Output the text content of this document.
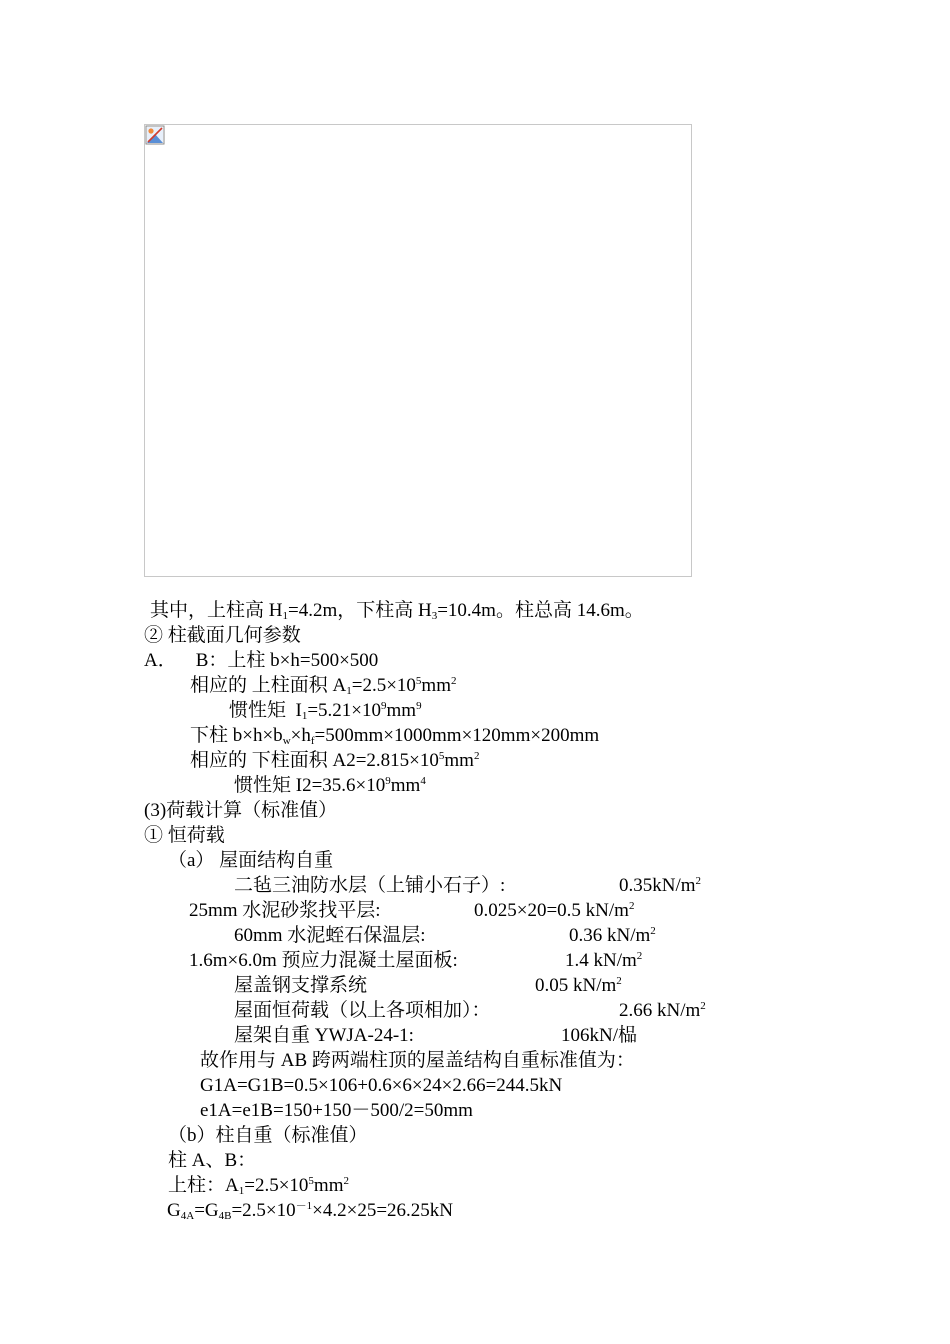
其中，上柱高 $H_1=4.2m$，下柱高 $H_3=10.4m$。柱总高 14.6m。
② 柱截面几何参数
A．    B：上柱 b×h=500×500
相应的 上柱面积 $A_1=2.5\times 10^5mm^2$
惯性矩  $I_1=5.21\times 10^9mm^9$
下柱 $b\times h\times b_w\times h_f=500mm\times 1000mm\times 120mm\times 200mm$
相应的 下柱面积 $A2=2.815\times 10^5mm^2$
惯性矩 $I2=35.6\times 10^9mm^4$
(3)荷载计算（标准值）
① 恒荷载
（a） 屋面结构自重
二毡三油防水层（上铺小石子）:	$0.35kN/m^2$
25mm 水泥砂浆找平层:	0.025×20=0.5 $kN/m^2$
60mm 水泥蛭石保温层:	0.36 $kN/m^2$
1.6m×6.0m 预应力混凝土屋面板:	1.4 $kN/m^2$
屋盖钢支撑系统	0.05 $kN/m^2$
屋面恒荷载（以上各项相加）：	2.66 $kN/m^2$
屋架自重 YWJA-24-1:	106kN/榀
故作用与 AB 跨两端柱顶的屋盖结构自重标准值为：
G1A=G1B=0.5×106+0.6×6×24×2.66=244.5kN
e1A=e1B=150+150－500/2=50mm
（b）柱自重（标准值）
柱 A、B：
上柱：$A_1=2.5\times 10^5mm^2$
$G_{4A}=G_{4B}=2.5\times 10^{-1}\times 4.2\times 25=26.25kN$
